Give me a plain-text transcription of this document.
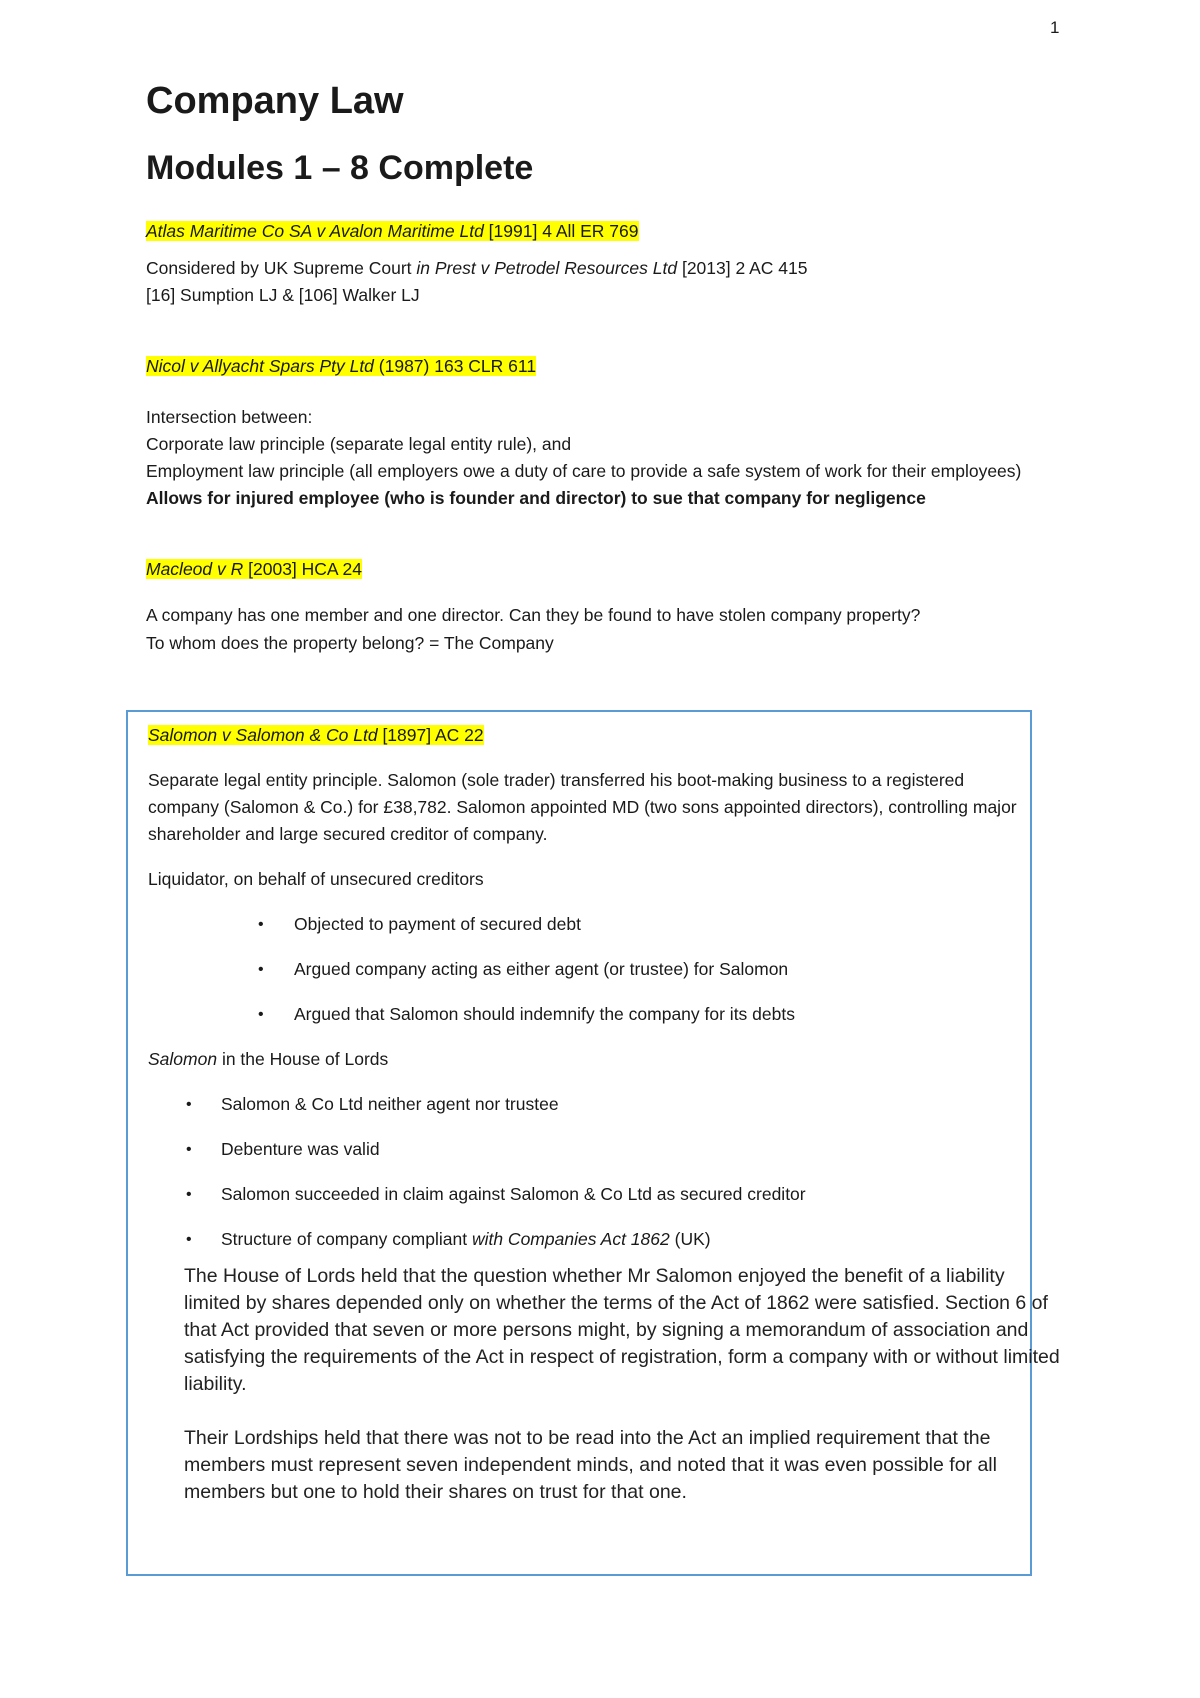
1
Company Law
Modules 1 – 8 Complete

Atlas Maritime Co SA v Avalon Maritime Ltd [1991] 4 All ER 769

Considered by UK Supreme Court in Prest v Petrodel Resources Ltd [2013] 2 AC 415
[16] Sumption LJ & [106] Walker LJ

Nicol v Allyacht Spars Pty Ltd (1987) 163 CLR 611

Intersection between:

Corporate law principle (separate legal entity rule), and

Employment law principle (all employers owe a duty of care to provide a safe system of work for their employees)

Allows for injured employee (who is founder and director) to sue that company for negligence

Macleod v R [2003] HCA 24

A company has one member and one director. Can they be found to have stolen company property?

To whom does the property belong? = The Company

Salomon v Salomon & Co Ltd [1897] AC 22

Separate legal entity principle. Salomon (sole trader) transferred his boot-making business to a registered company (Salomon & Co.) for £38,782. Salomon appointed MD (two sons appointed directors), controlling major shareholder and large secured creditor of company.

Liquidator, on behalf of unsecured creditors

• Objected to payment of secured debt
• Argued company acting as either agent (or trustee) for Salomon
• Argued that Salomon should indemnify the company for its debts

Salomon in the House of Lords

• Salomon & Co Ltd neither agent nor trustee
• Debenture was valid
• Salomon succeeded in claim against Salomon & Co Ltd as secured creditor
• Structure of company compliant with Companies Act 1862 (UK)

The House of Lords held that the question whether Mr Salomon enjoyed the benefit of a liability limited by shares depended only on whether the terms of the Act of 1862 were satisfied. Section 6 of that Act provided that seven or more persons might, by signing a memorandum of association and satisfying the requirements of the Act in respect of registration, form a company with or without limited liability.

Their Lordships held that there was not to be read into the Act an implied requirement that the members must represent seven independent minds, and noted that it was even possible for all members but one to hold their shares on trust for that one.
